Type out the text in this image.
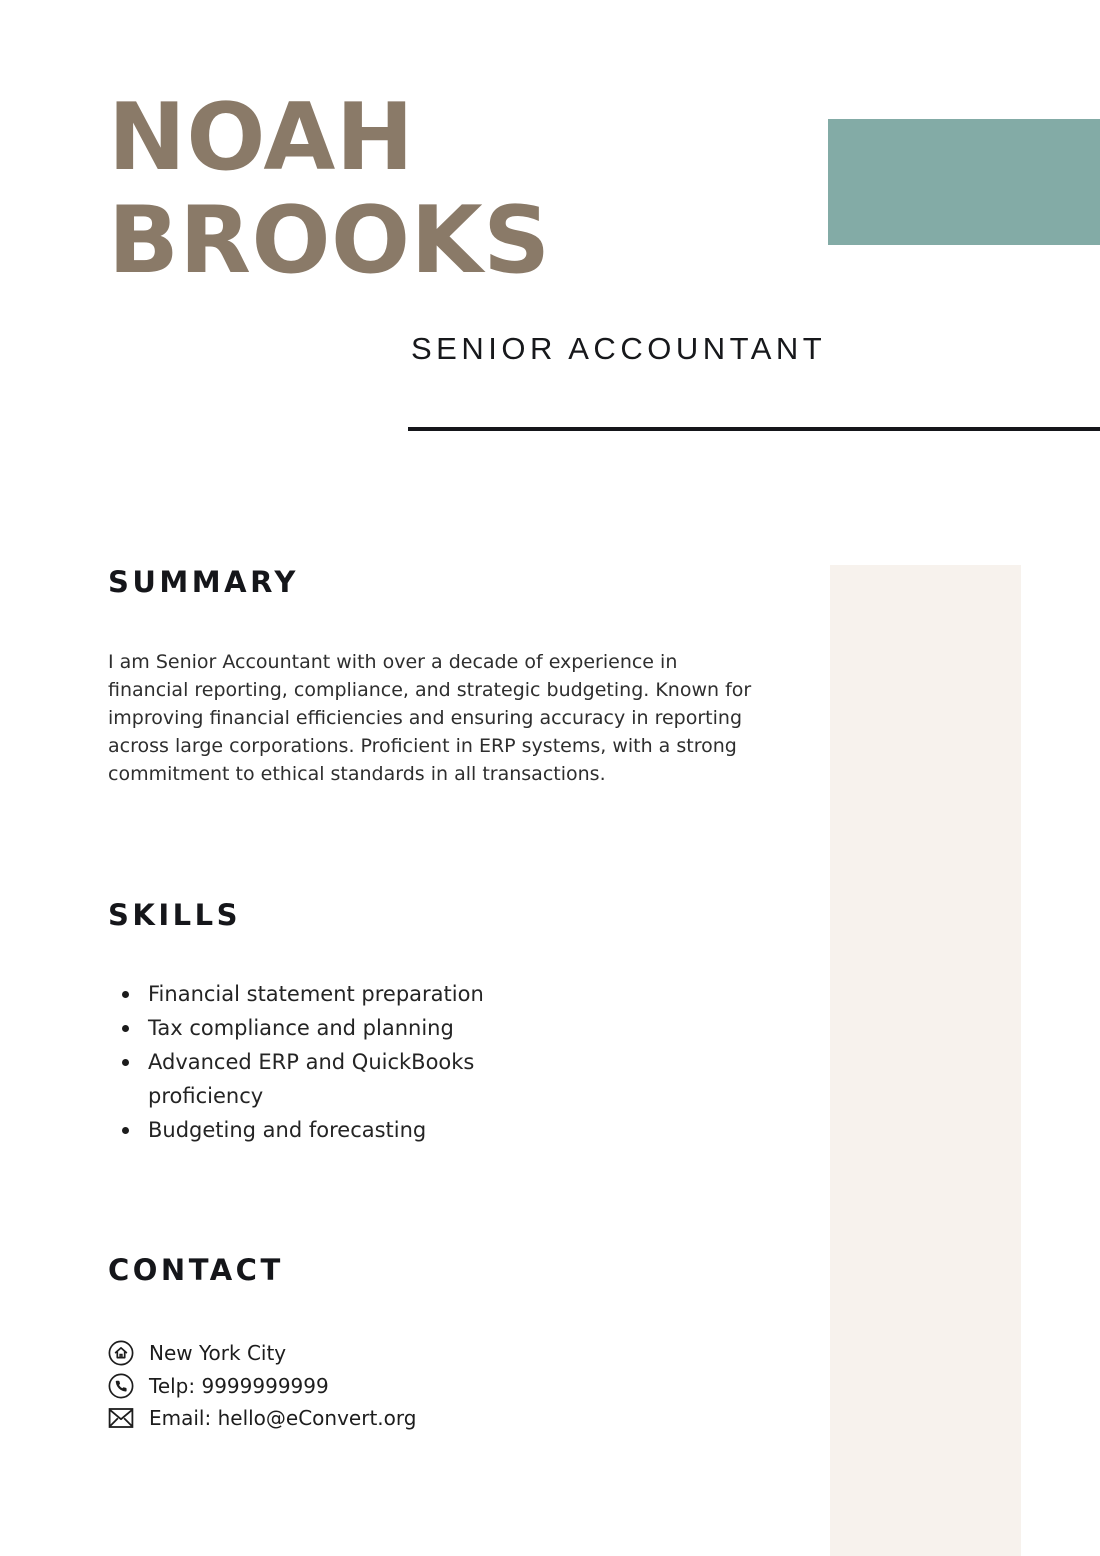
NOAH
BROOKS
SENIOR ACCOUNTANT
SUMMARY

I am Senior Accountant with over a decade of experience in financial reporting, compliance, and strategic budgeting. Known for improving financial efficiencies and ensuring accuracy in reporting across large corporations. Proficient in ERP systems, with a strong commitment to ethical standards in all transactions.

SKILLS
Financial statement preparation
Tax compliance and planning
Advanced ERP and QuickBooks proficiency
Budgeting and forecasting
CONTACT
New York City
Telp: 9999999999
Email: hello@eConvert.org
